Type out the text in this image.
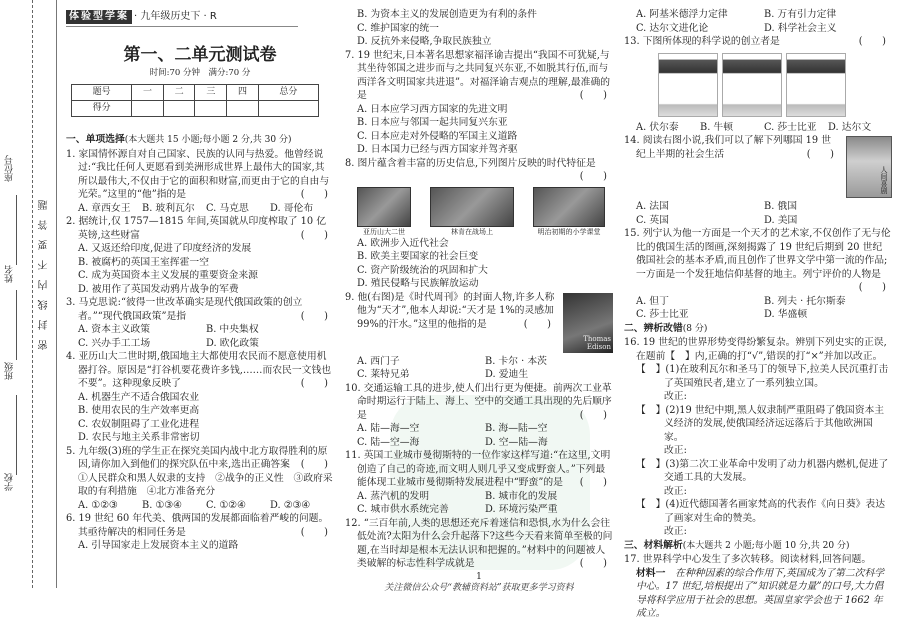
座位号
姓名
班级
学校
密封线内不要答题
体验型学案 · 九年级历史下 · R
第一、二单元测试卷
时间:70 分钟　满分:70 分
题号	一	二	三	四	总分
得分					
一、单项选择(本大题共 15 小题;每小题 2 分,共 30 分)
1. 家国情怀源自对自己国家、民族的认同与热爱。他曾经说过:“我比任何人更愿看到美洲形成世界上最伟大的国家,其所以最伟大,不仅由于它的面积和财富,而更由于它的自由与光荣。”这里的“他”指的是	(　　)
A. 章西女王	B. 玻利瓦尔	C. 马克思	D. 哥伦布
2. 据统计,仅 1757—1815 年间,英国就从印度榨取了 10 亿英镑,这些财富	(　　)
A. 又返还给印度,促进了印度经济的发展
B. 被腐朽的英国王室挥霍一空
C. 成为英国资本主义发展的重要资金来源
D. 被用作了英国发动鸦片战争的军费
3. 马克思说:“彼得一世改革确实是现代俄国政策的创立者。”“现代俄国政策”是指	(　　)
A. 资本主义政策	B. 中央集权
C. 兴办手工工场	D. 欧化政策
4. 亚历山大二世时期,俄国地主大都使用农民而不愿意使用机器打谷。原因是“打谷机要花费许多钱,……而农民一文钱也不要”。这种现象反映了	(　　)
A. 机器生产不适合俄国农业
B. 使用农民的生产效率更高
C. 农奴制阻碍了工业化进程
D. 农民与地主关系非常密切
5. 九年级(3)班的学生正在探究美国内战中北方取得胜利的原因,请你加入到他们的探究队伍中来,选出正确答案 (　　)
①人民群众和黑人奴隶的支持　②战争的正义性　③政府采取的有利措施　④北方准备充分
A. ①②③	B. ①③④	C. ①②④	D. ②③④
6. 19 世纪 60 年代美、俄两国的发展都面临着严峻的问题。其亟待解决的相同任务是	(　　)
A. 引导国家走上发展资本主义的道路
B. 为资本主义的发展创造更为有利的条件
C. 维护国家的统一
D. 反抗外来侵略,争取民族独立
7. 19 世纪末,日本著名思想家福泽谕吉提出“我国不可犹疑,与其坐待邻国之进步而与之共同复兴东亚,不如脱其行伍,而与西洋各文明国家共进退”。对福泽谕吉观点的理解,最准确的是	(　　)
A. 日本应学习西方国家的先进文明
B. 日本应与邻国一起共同复兴东亚
C. 日本应走对外侵略的军国主义道路
D. 日本国力已经与西方国家并驾齐驱
8. 图片蕴含着丰富的历史信息,下列图片反映的时代特征是
(　　)
亚历山大二世	林肯在战场上	明治初期的小学课堂
A. 欧洲步入近代社会
B. 欧美主要国家的社会巨变
C. 资产阶级统治的巩固和扩大
D. 殖民侵略与民族解放运动
Thomas Edison
9. 他(右图)是《时代周刊》的封面人物,许多人称他为“天才”,他本人却说:“天才是 1%的灵感加 99%的汗水。”这里的他指的是	(　　)
A. 西门子	B. 卡尔 · 本茨
C. 莱特兄弟	D. 爱迪生
10. 交通运输工具的进步,使人们出行更为便捷。前两次工业革命时期运行于陆上、海上、空中的交通工具出现的先后顺序是	(　　)
A. 陆—海—空	B. 海—陆—空
C. 陆—空—海	D. 空—陆—海
11. 英国工业城市曼彻斯特的一位作家这样写道:“在这里,文明创造了自己的奇迹,而文明人则几乎又变成野蛮人。”下列最能体现工业城市曼彻斯特发展进程中“野蛮”的是 (　　)
A. 蒸汽机的发明	B. 城市化的发展
C. 城市供水系统完善	D. 环境污染严重
12. “三百年前,人类的思想还充斥着迷信和恐惧,水为什么会往低处流?太阳为什么会升起落下?这些今天看来简单至极的问题,在当时却是根本无法认识和把握的。”材料中的问题被人类破解的标志性科学成就是	(　　)
1
关注微信公众号“教辅资料站”获取更多学习资料
A. 阿基米德浮力定律	B. 万有引力定律
C. 达尔文进化论	D. 科学社会主义
13. 下图所体现的科学说的创立者是	(　　)
A. 伏尔泰	B. 牛顿	C. 莎士比亚	D. 达尔文
人间喜剧
14. 阅读右图小说,我们可以了解下列哪国 19 世纪上半期的社会生活	(　　)
A. 法国	B. 俄国
C. 英国	D. 美国
15. 列宁认为他一方面是一个天才的艺术家,不仅创作了无与伦比的俄国生活的图画,深刻揭露了 19 世纪后期到 20 世纪俄国社会的基本矛盾,而且创作了世界文学中第一流的作品;一方面是一个发狂地信仰基督的地主。列宁评价的人物是
(　　)
A. 但丁	B. 列夫 · 托尔斯泰
C. 莎士比亚	D. 华盛顿
二、辨析改错(8 分)
16. 19 世纪的世界形势变得纷繁复杂。辨别下列史实的正误,在题前【　】内,正确的打“√”,错误的打“×”并加以改正。
【　】(1)在玻利瓦尔和圣马丁的领导下,拉美人民沉重打击了英国殖民者,建立了一系列独立国。
改正:
【　】(2)19 世纪中期,黑人奴隶制严重阻碍了俄国资本主义经济的发展,使俄国经济远远落后于其他欧洲国家。
改正:
【　】(3)第二次工业革命中发明了动力机器内燃机,促进了交通工具的大发展。
改正:
【　】(4)近代德国著名画家梵高的代表作《向日葵》表达了画家对生命的赞美。
改正:
三、材料解析(本大题共 2 小题;每小题 10 分,共 20 分)
17. 世界科学中心发生了多次转移。阅读材料,回答问题。
材料一　在种种因素的综合作用下,英国成为了第二次科学中心。17 世纪,培根提出了“知识就是力量”的口号,大力倡导将科学应用于社会的思想。英国皇家学会也于 1662 年成立。
